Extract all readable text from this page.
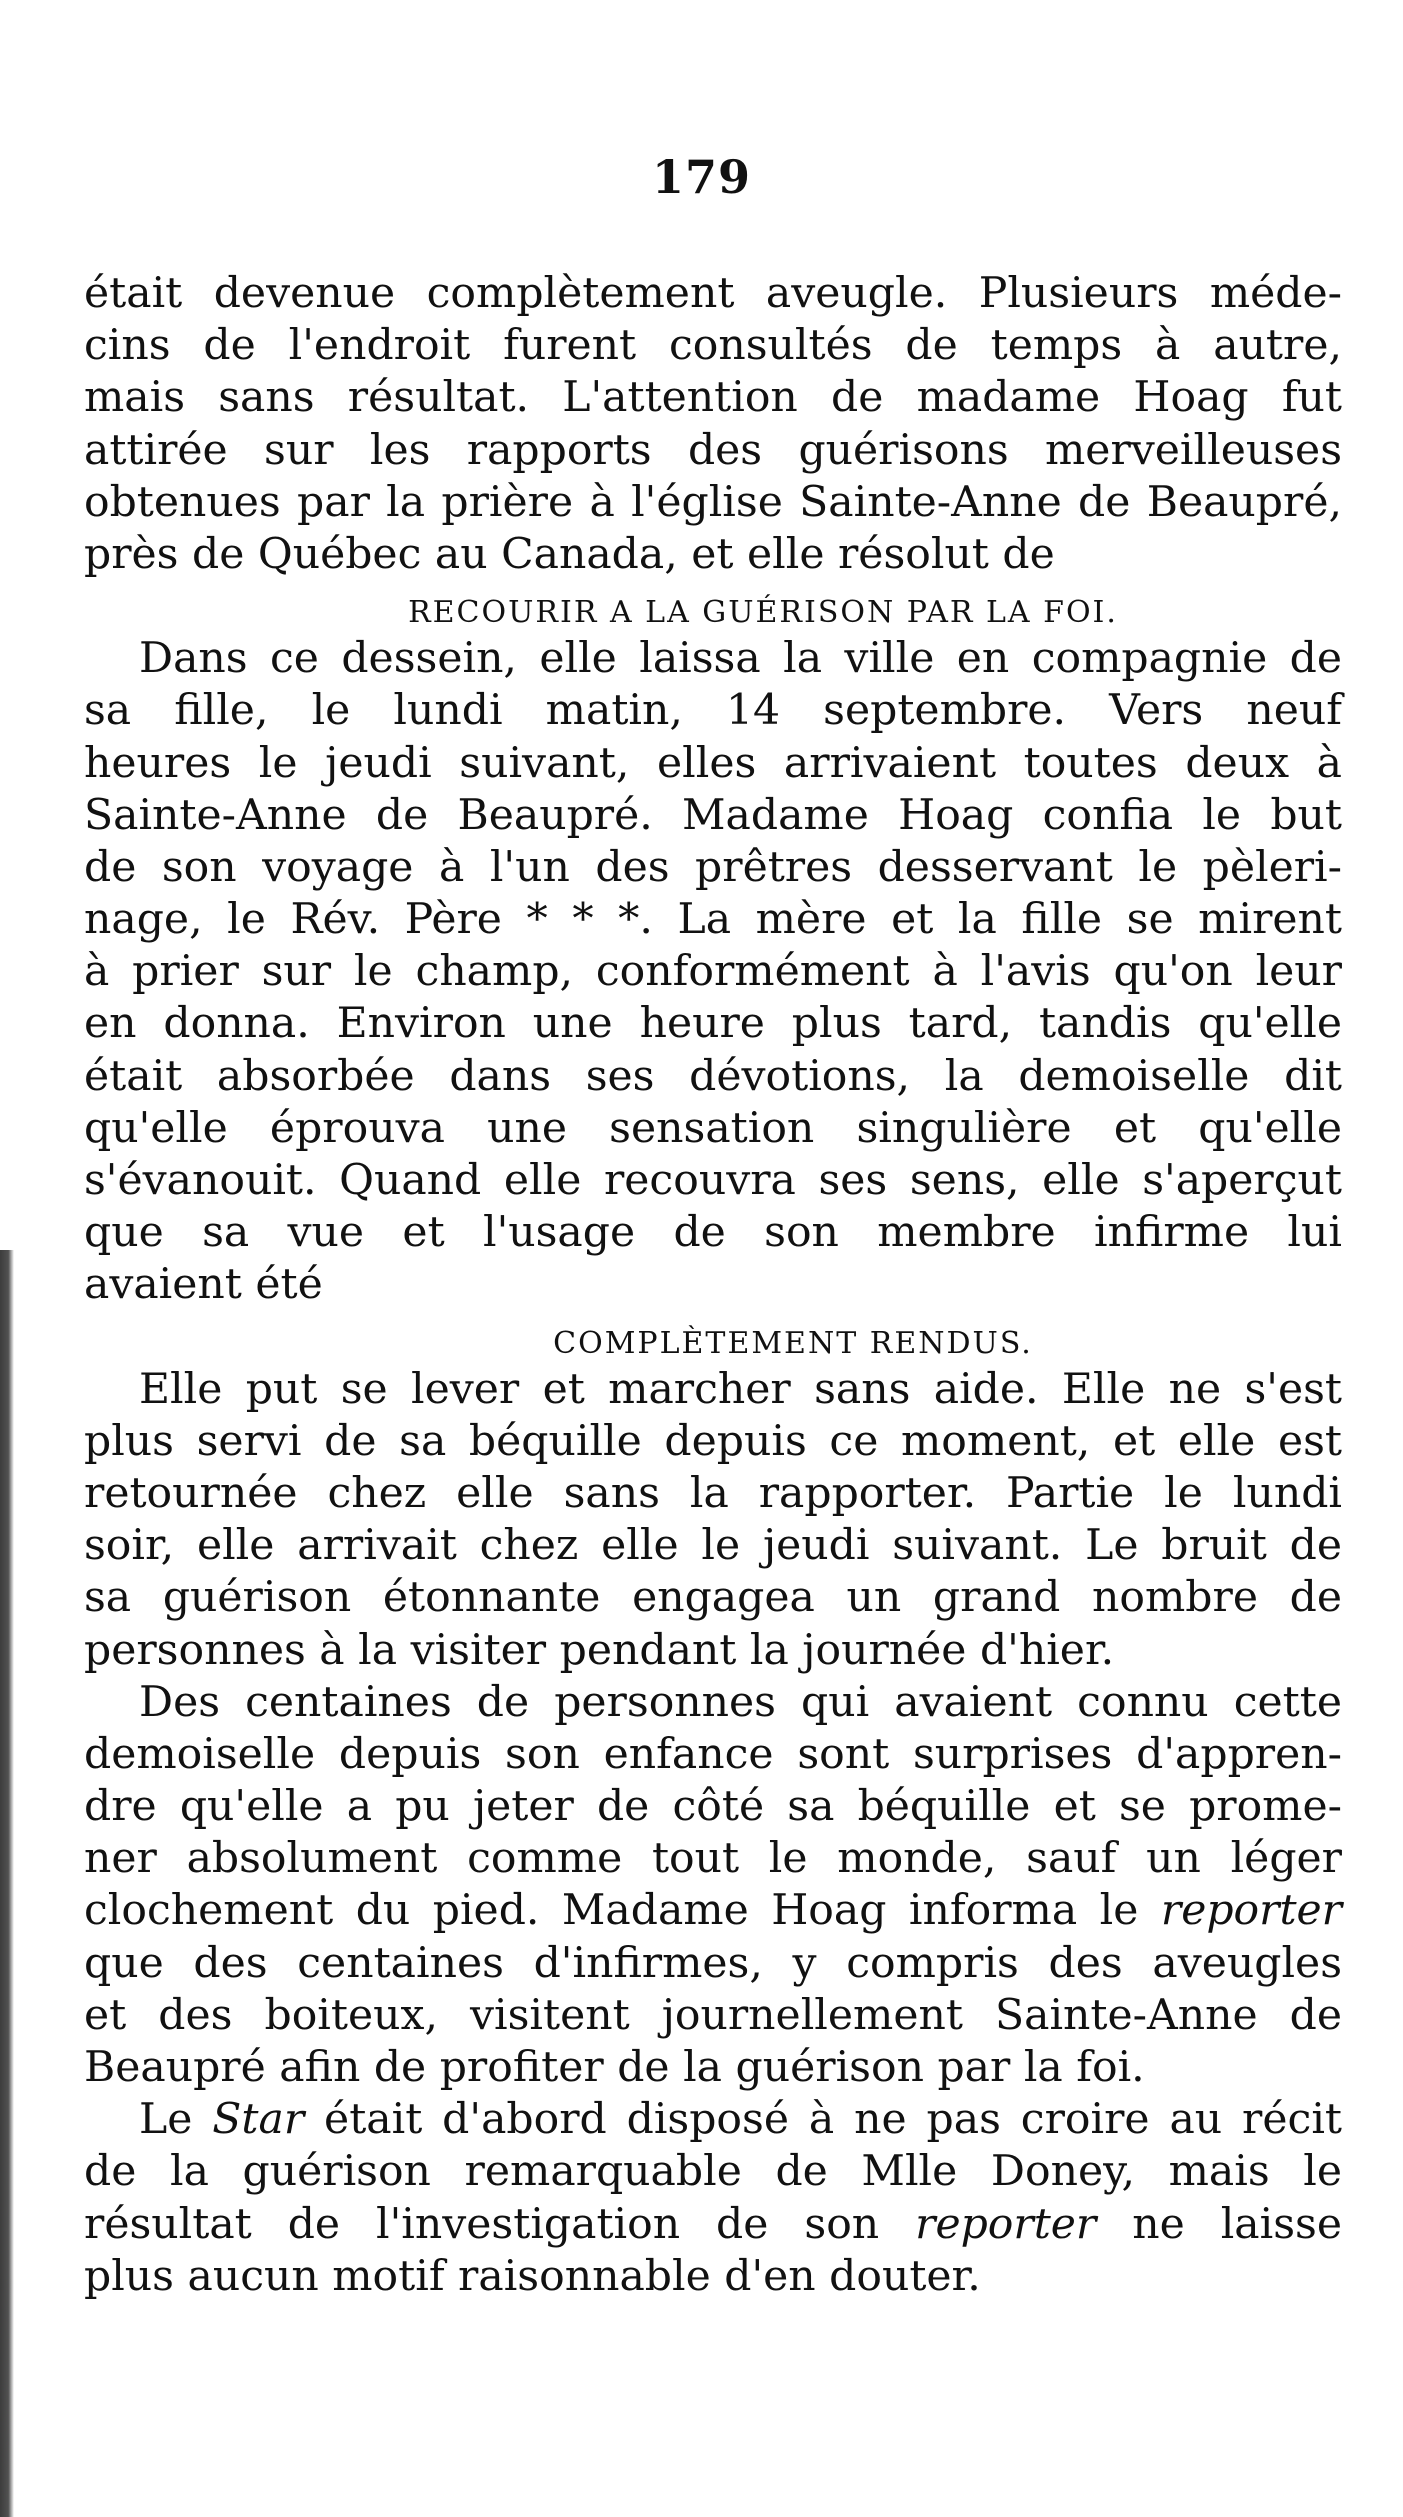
179
était devenue complètement aveugle. Plusieurs méde-
cins de l'endroit furent consultés de temps à autre,
mais sans résultat. L'attention de madame Hoag fut
attirée sur les rapports des guérisons merveilleuses
obtenues par la prière à l'église Sainte-Anne de Beaupré,
près de Québec au Canada, et elle résolut de
RECOURIR A LA GUÉRISON PAR LA FOI.
Dans ce dessein, elle laissa la ville en compagnie de
sa fille, le lundi matin, 14 septembre. Vers neuf
heures le jeudi suivant, elles arrivaient toutes deux à
Sainte-Anne de Beaupré. Madame Hoag confia le but
de son voyage à l'un des prêtres desservant le pèleri-
nage, le Rév. Père * * *. La mère et la fille se mirent
à prier sur le champ, conformément à l'avis qu'on leur
en donna. Environ une heure plus tard, tandis qu'elle
était absorbée dans ses dévotions, la demoiselle dit
qu'elle éprouva une sensation singulière et qu'elle
s'évanouit. Quand elle recouvra ses sens, elle s'aperçut
que sa vue et l'usage de son membre infirme lui
avaient été
COMPLÈTEMENT RENDUS.
Elle put se lever et marcher sans aide. Elle ne s'est
plus servi de sa béquille depuis ce moment, et elle est
retournée chez elle sans la rapporter. Partie le lundi
soir, elle arrivait chez elle le jeudi suivant. Le bruit de
sa guérison étonnante engagea un grand nombre de
personnes à la visiter pendant la journée d'hier.
Des centaines de personnes qui avaient connu cette
demoiselle depuis son enfance sont surprises d'appren-
dre qu'elle a pu jeter de côté sa béquille et se prome-
ner absolument comme tout le monde, sauf un léger
clochement du pied. Madame Hoag informa le reporter
que des centaines d'infirmes, y compris des aveugles
et des boiteux, visitent journellement Sainte-Anne de
Beaupré afin de profiter de la guérison par la foi.
Le Star était d'abord disposé à ne pas croire au récit
de la guérison remarquable de Mlle Doney, mais le
résultat de l'investigation de son reporter ne laisse
plus aucun motif raisonnable d'en douter.
